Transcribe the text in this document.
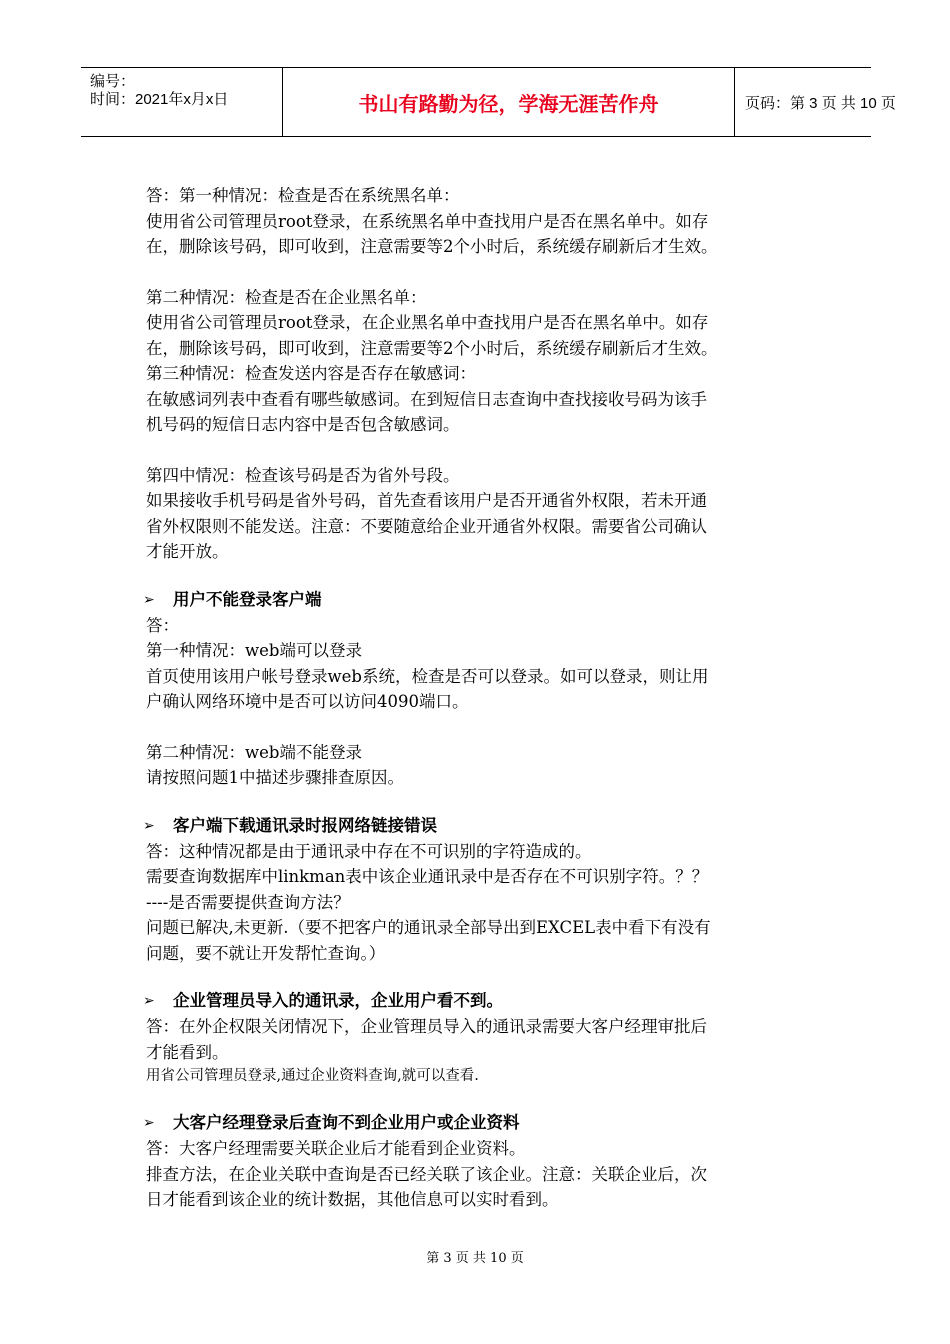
编号：
时间：2021年x月x日	书山有路勤为径，学海无涯苦作舟	页码：第 3 页 共 10 页

答：第一种情况：检查是否在系统黑名单：

使用省公司管理员root登录，在系统黑名单中查找用户是否在黑名单中。如存

在，删除该号码，即可收到，注意需要等2个小时后，系统缓存刷新后才生效。

第二种情况：检查是否在企业黑名单：

使用省公司管理员root登录，在企业黑名单中查找用户是否在黑名单中。如存

在，删除该号码，即可收到，注意需要等2个小时后，系统缓存刷新后才生效。

第三种情况：检查发送内容是否存在敏感词：

在敏感词列表中查看有哪些敏感词。在到短信日志查询中查找接收号码为该手

机号码的短信日志内容中是否包含敏感词。

第四中情况：检查该号码是否为省外号段。

如果接收手机号码是省外号码，首先查看该用户是否开通省外权限，若未开通

省外权限则不能发送。注意：不要随意给企业开通省外权限。需要省公司确认

才能开放。

➢	用户不能登录客户端

答：

第一种情况：web端可以登录

首页使用该用户帐号登录web系统，检查是否可以登录。如可以登录，则让用

户确认网络环境中是否可以访问4090端口。

第二种情况：web端不能登录

请按照问题1中描述步骤排查原因。

➢	客户端下载通讯录时报网络链接错误

答：这种情况都是由于通讯录中存在不可识别的字符造成的。

需要查询数据库中linkman表中该企业通讯录中是否存在不可识别字符。？？

----是否需要提供查询方法？

问题已解决,未更新.（要不把客户的通讯录全部导出到EXCEL表中看下有没有

问题，要不就让开发帮忙查询。）

➢	企业管理员导入的通讯录，企业用户看不到。

答：在外企权限关闭情况下，企业管理员导入的通讯录需要大客户经理审批后

才能看到。

用省公司管理员登录,通过企业资料查询,就可以查看.

➢	大客户经理登录后查询不到企业用户或企业资料

答：大客户经理需要关联企业后才能看到企业资料。

排查方法，在企业关联中查询是否已经关联了该企业。注意：关联企业后，次

日才能看到该企业的统计数据，其他信息可以实时看到。

第 3 页 共 10 页
